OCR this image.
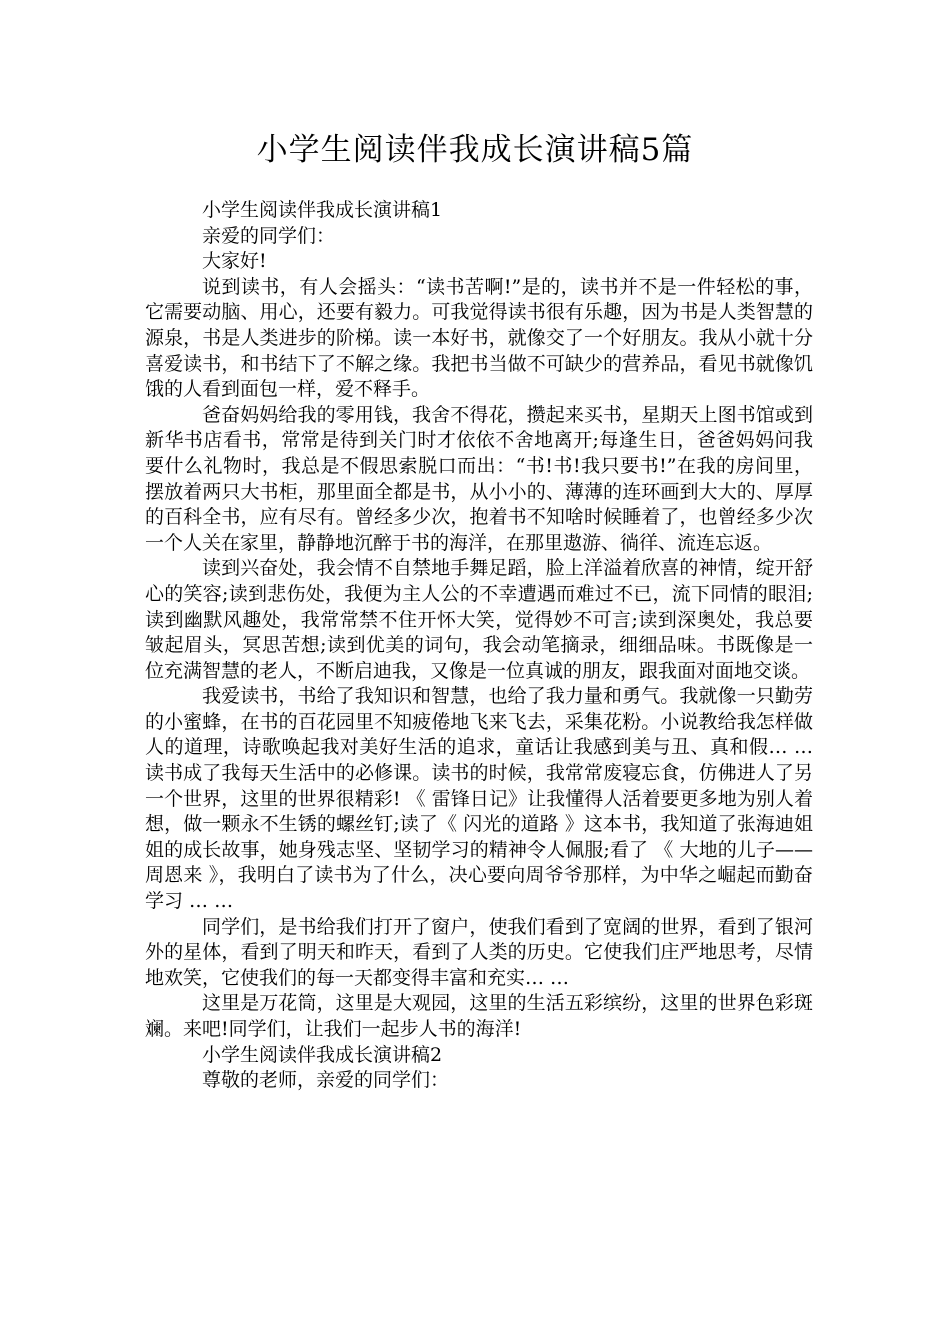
小学生阅读伴我成长演讲稿5篇

小学生阅读伴我成长演讲稿1

亲爱的同学们：

大家好!

说到读书，有人会摇头：“读书苦啊!”是的，读书并不是一件轻松的事，它需要动脑、用心，还要有毅力。可我觉得读书很有乐趣，因为书是人类智慧的源泉，书是人类进步的阶梯。读一本好书，就像交了一个好朋友。我从小就十分喜爱读书，和书结下了不解之缘。我把书当做不可缺少的营养品，看见书就像饥饿的人看到面包一样，爱不释手。

爸奋妈妈给我的零用钱，我舍不得花，攒起来买书，星期天上图书馆或到新华书店看书，常常是待到关门时才依依不舍地离开;每逢生日，爸爸妈妈问我要什么礼物时，我总是不假思索脱口而出：“书!书!我只要书!”在我的房间里，摆放着两只大书柜，那里面全都是书，从小小的、薄薄的连环画到大大的、厚厚的百科全书，应有尽有。曾经多少次，抱着书不知啥时候睡着了，也曾经多少次一个人关在家里，静静地沉醉于书的海洋，在那里遨游、徜徉、流连忘返。

读到兴奋处，我会情不自禁地手舞足蹈，脸上洋溢着欣喜的神情，绽开舒心的笑容;读到悲伤处，我便为主人公的不幸遭遇而难过不已，流下同情的眼泪;读到幽默风趣处，我常常禁不住开怀大笑，觉得妙不可言;读到深奥处，我总要皱起眉头，冥思苦想;读到优美的词句，我会动笔摘录，细细品味。书既像是一位充满智慧的老人，不断启迪我，又像是一位真诚的朋友，跟我面对面地交谈。

我爱读书，书给了我知识和智慧，也给了我力量和勇气。我就像一只勤劳的小蜜蜂，在书的百花园里不知疲倦地飞来飞去，采集花粉。小说教给我怎样做人的道理，诗歌唤起我对美好生活的追求，童话让我感到美与丑、真和假… … 读书成了我每天生活中的必修课。读书的时候，我常常废寝忘食，仿佛进人了另一个世界，这里的世界很精彩! 《 雷锋日记》让我懂得人活着要更多地为别人着想，做一颗永不生锈的螺丝钉;读了《 闪光的道路 》这本书，我知道了张海迪姐姐的成长故事，她身残志坚、坚韧学习的精神令人佩服;看了 《 大地的儿子——周恩来 》，我明白了读书为了什么，决心要向周爷爷那样，为中华之崛起而勤奋学习 … …

同学们，是书给我们打开了窗户，使我们看到了宽阔的世界，看到了银河外的星体，看到了明天和昨天，看到了人类的历史。它使我们庄严地思考，尽情地欢笑，它使我们的每一天都变得丰富和充实… …

这里是万花筒，这里是大观园，这里的生活五彩缤纷，这里的世界色彩斑斓。来吧!同学们，让我们一起步人书的海洋!

小学生阅读伴我成长演讲稿2

尊敬的老师，亲爱的同学们：
